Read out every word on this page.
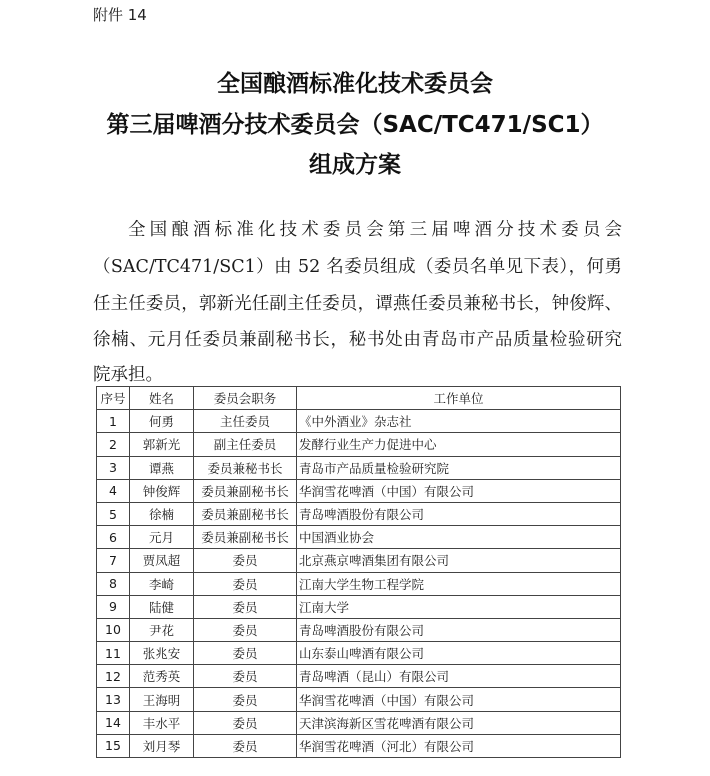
附件 14
全国酿酒标准化技术委员会
第三届啤酒分技术委员会（SAC/TC471/SC1）
组成方案
全国酿酒标准化技术委员会第三届啤酒分技术委员会
（SAC/TC471/SC1）由 52 名委员组成（委员名单见下表），何勇
任主任委员，郭新光任副主任委员，谭燕任委员兼秘书长，钟俊辉、
徐楠、元月任委员兼副秘书长，秘书处由青岛市产品质量检验研究
院承担。
序号	姓名	委员会职务	工作单位
1	何勇	主任委员	《中外酒业》杂志社
2	郭新光	副主任委员	发酵行业生产力促进中心
3	谭燕	委员兼秘书长	青岛市产品质量检验研究院
4	钟俊辉	委员兼副秘书长	华润雪花啤酒（中国）有限公司
5	徐楠	委员兼副秘书长	青岛啤酒股份有限公司
6	元月	委员兼副秘书长	中国酒业协会
7	贾凤超	委员	北京燕京啤酒集团有限公司
8	李崎	委员	江南大学生物工程学院
9	陆健	委员	江南大学
10	尹花	委员	青岛啤酒股份有限公司
11	张兆安	委员	山东泰山啤酒有限公司
12	范秀英	委员	青岛啤酒（昆山）有限公司
13	王海明	委员	华润雪花啤酒（中国）有限公司
14	丰水平	委员	天津滨海新区雪花啤酒有限公司
15	刘月琴	委员	华润雪花啤酒（河北）有限公司
